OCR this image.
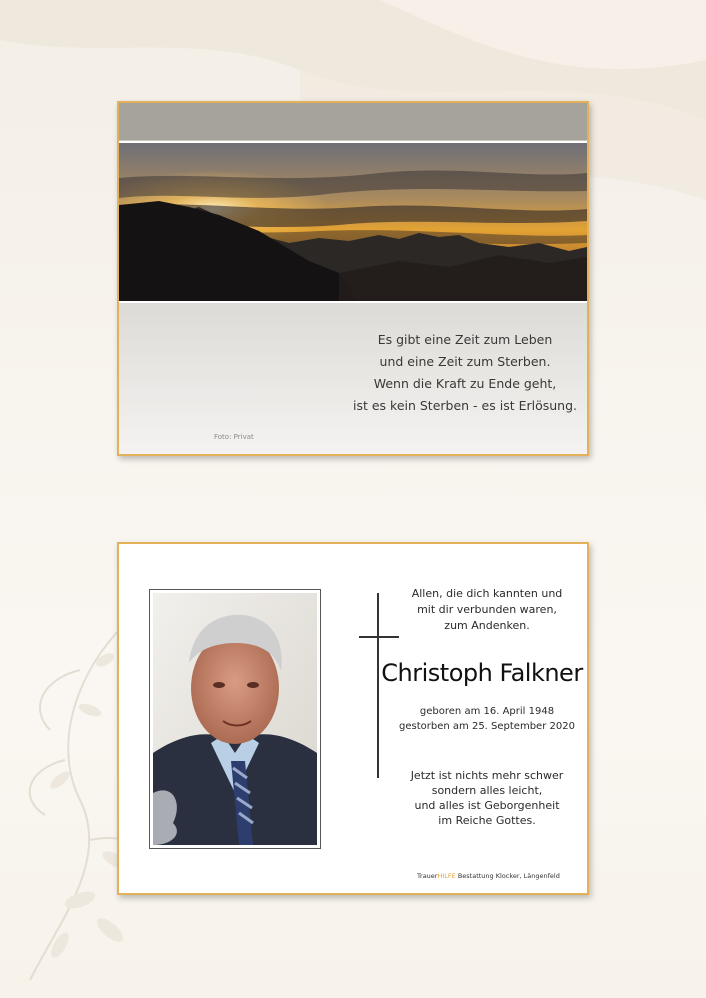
Es gibt eine Zeit zum Leben
und eine Zeit zum Sterben.
Wenn die Kraft zu Ende geht,
ist es kein Sterben - es ist Erlösung.
Foto: Privat
Allen, die dich kannten und
mit dir verbunden waren,
zum Andenken.
Christoph Falkner
geboren am 16. April 1948
gestorben am 25. September 2020
Jetzt ist nichts mehr schwer
sondern alles leicht,
und alles ist Geborgenheit
im Reiche Gottes.
TrauerHILFE Bestattung Klocker, Längenfeld
